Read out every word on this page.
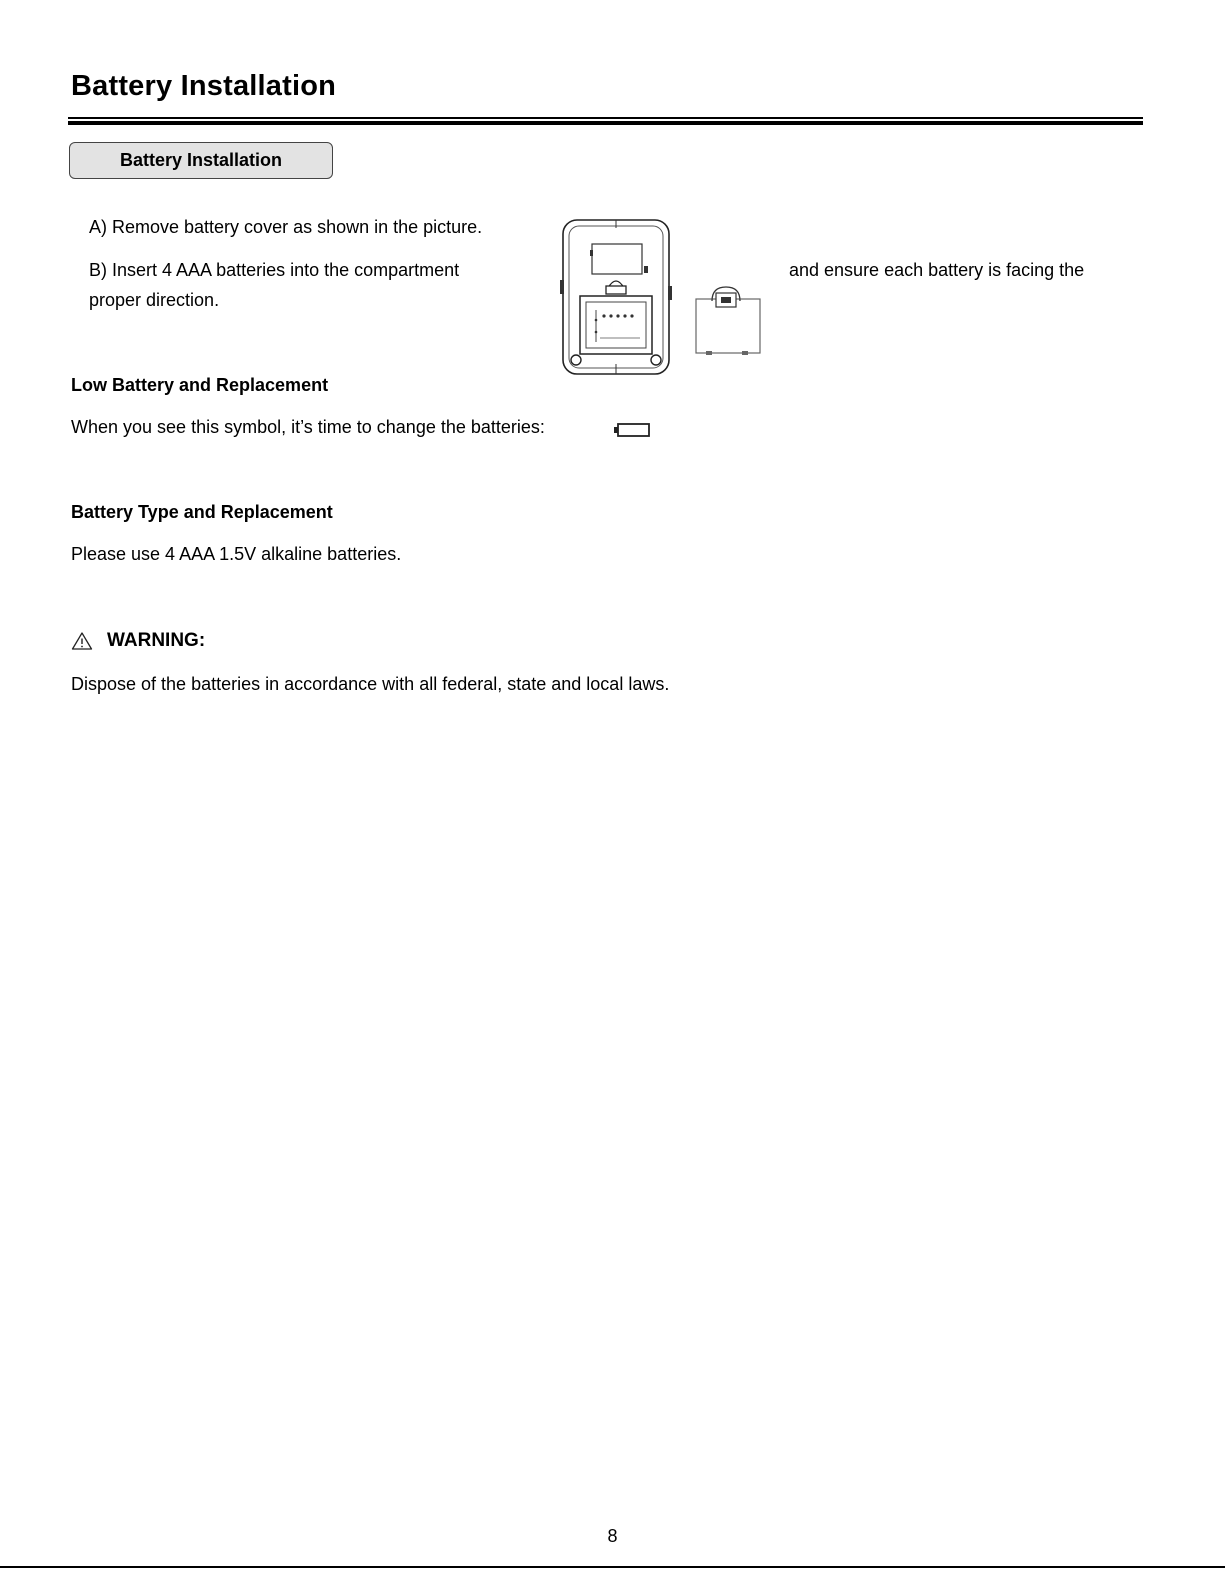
Battery Installation
Battery Installation
A) Remove battery cover as shown in the picture.
B) Insert 4 AAA batteries into the compartment	and ensure each battery is facing the
proper direction.
Low Battery and Replacement
When you see this symbol, it’s time to change the batteries:
Battery Type and Replacement
Please use 4 AAA 1.5V alkaline batteries.
WARNING:
Dispose of the batteries in accordance with all federal, state and local laws.
8
